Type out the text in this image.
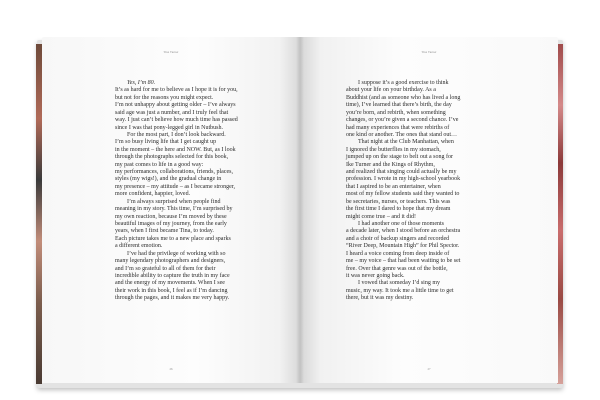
Tina Turner
Yes, I’m 80.
It’s as hard for me to believe as I hope it is for you,
but not for the reasons you might expect.
I’m not unhappy about getting older – I’ve always
said age was just a number, and I truly feel that
way. I just can’t believe how much time has passed
since I was that pony-legged girl in Nutbush.
For the most part, I don’t look backward.
I’m so busy living life that I get caught up
in the moment – the here and NOW. But, as I look
through the photographs selected for this book,
my past comes to life in a good way:
my performances, collaborations, friends, places,
styles (my wigs!), and the gradual change in
my presence – my attitude – as I became stronger,
more confident, happier, loved.
I’m always surprised when people find
meaning in my story. This time, I’m surprised by
my own reaction, because I’m moved by these
beautiful images of my journey, from the early
years, when I first became Tina, to today.
Each picture takes me to a new place and sparks
a different emotion.
I’ve had the privilege of working with so
many legendary photographers and designers,
and I’m so grateful to all of them for their
incredible ability to capture the truth in my face
and the energy of my movements. When I see
their work in this book, I feel as if I’m dancing
through the pages, and it makes me very happy.
26
Tina Turner
I suppose it’s a good exercise to think
about your life on your birthday. As a
Buddhist (and as someone who has lived a long
time), I’ve learned that there’s birth, the day
you’re born, and rebirth, when something
changes, or you’re given a second chance. I’ve
had many experiences that were rebirths of
one kind or another. The ones that stand out…
That night at the Club Manhattan, when
I ignored the butterflies in my stomach,
jumped up on the stage to belt out a song for
Ike Turner and the Kings of Rhythm,
and realized that singing could actually be my
profession. I wrote in my high-school yearbook
that I aspired to be an entertainer, when
most of my fellow students said they wanted to
be secretaries, nurses, or teachers. This was
the first time I dared to hope that my dream
might come true – and it did!
I had another one of those moments
a decade later, when I stood before an orchestra
and a choir of backup singers and recorded
“River Deep, Mountain High” for Phil Spector.
I heard a voice coming from deep inside of
me – my voice – that had been waiting to be set
free. Over that genre was out of the bottle,
it was never going back.
I vowed that someday I’d sing my
music, my way. It took me a little time to get
there, but it was my destiny.
27
